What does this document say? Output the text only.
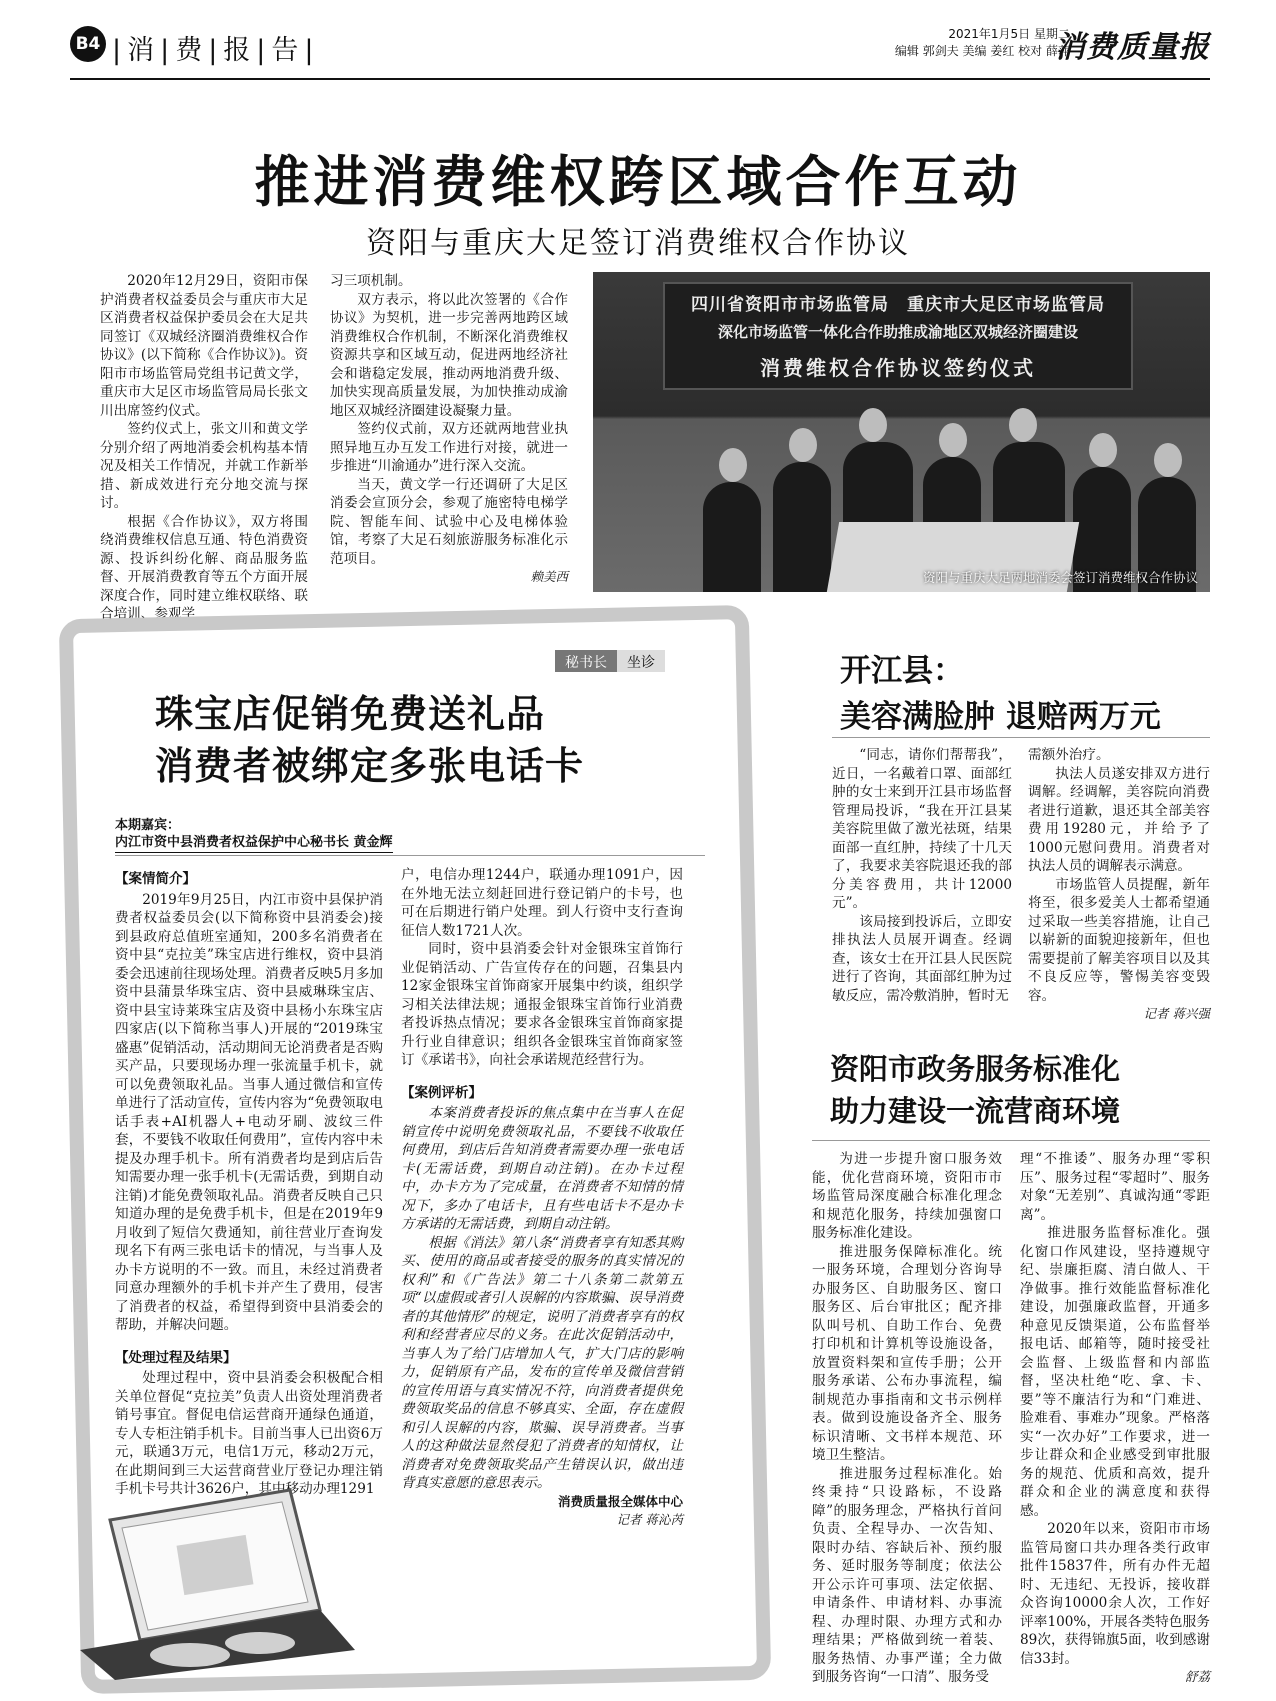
B4 |消|费|报|告|
2021年1月5日 星期二
编辑 郭剑夫 美编 姜红 校对 薛萍
消费质量报
推进消费维权跨区域合作互动
资阳与重庆大足签订消费维权合作协议

2020年12月29日，资阳市保护消费者权益委员会与重庆市大足区消费者权益保护委员会在大足共同签订《双城经济圈消费维权合作协议》(以下简称《合作协议》)。资阳市市场监管局党组书记黄文学，重庆市大足区市场监管局局长张文川出席签约仪式。

签约仪式上，张文川和黄文学分别介绍了两地消委会机构基本情况及相关工作情况，并就工作新举措、新成效进行充分地交流与探讨。

根据《合作协议》，双方将围绕消费维权信息互通、特色消费资源、投诉纠纷化解、商品服务监督、开展消费教育等五个方面开展深度合作，同时建立维权联络、联合培训、参观学

习三项机制。

双方表示，将以此次签署的《合作协议》为契机，进一步完善两地跨区域消费维权合作机制，不断深化消费维权资源共享和区域互动，促进两地经济社会和谐稳定发展，推动两地消费升级、加快实现高质量发展，为加快推动成渝地区双城经济圈建设凝聚力量。

签约仪式前，双方还就两地营业执照异地互办互发工作进行对接，就进一步推进“川渝通办”进行深入交流。

当天，黄文学一行还调研了大足区消委会宣顶分会，参观了施密特电梯学院、智能车间、试验中心及电梯体验馆，考察了大足石刻旅游服务标准化示范项目。

赖美西
四川省资阳市市场监管局　重庆市大足区市场监管局
深化市场监管一体化合作助推成渝地区双城经济圈建设
消费维权合作协议签约仪式
资阳与重庆大足两地消委会签订消费维权合作协议
秘书长	坐诊
珠宝店促销免费送礼品
消费者被绑定多张电话卡
本期嘉宾：
内江市资中县消费者权益保护中心秘书长 黄金辉

【案情简介】

2019年9月25日，内江市资中县保护消费者权益委员会(以下简称资中县消委会)接到县政府总值班室通知，200多名消费者在资中县“克拉美”珠宝店进行维权，资中县消委会迅速前往现场处理。消费者反映5月多加资中县蒲景华珠宝店、资中县威琳珠宝店、资中县宝诗莱珠宝店及资中县杨小东珠宝店四家店(以下简称当事人)开展的“2019珠宝盛惠”促销活动，活动期间无论消费者是否购买产品，只要现场办理一张流量手机卡，就可以免费领取礼品。当事人通过微信和宣传单进行了活动宣传，宣传内容为“免费领取电话手表+AI机器人+电动牙刷、波纹三件套，不要钱不收取任何费用”，宣传内容中未提及办理手机卡。所有消费者均是到店后告知需要办理一张手机卡(无需话费，到期自动注销)才能免费领取礼品。消费者反映自己只知道办理的是免费手机卡，但是在2019年9月收到了短信欠费通知，前往营业厅查询发现名下有两三张电话卡的情况，与当事人及办卡方说明的不一致。而且，未经过消费者同意办理额外的手机卡并产生了费用，侵害了消费者的权益，希望得到资中县消委会的帮助，并解决问题。

【处理过程及结果】

处理过程中，资中县消委会积极配合相关单位督促“克拉美”负责人出资处理消费者销号事宜。督促电信运营商开通绿色通道，专人专柜注销手机卡。目前当事人已出资6万元，联通3万元，电信1万元，移动2万元，在此期间到三大运营商营业厅登记办理注销手机卡号共计3626户，其中移动办理1291

户，电信办理1244户，联通办理1091户，因在外地无法立刻赶回进行登记销户的卡号，也可在后期进行销户处理。到人行资中支行查询征信人数1721人次。

同时，资中县消委会针对金银珠宝首饰行业促销活动、广告宣传存在的问题，召集县内12家金银珠宝首饰商家开展集中约谈，组织学习相关法律法规；通报金银珠宝首饰行业消费者投诉热点情况；要求各金银珠宝首饰商家提升行业自律意识；组织各金银珠宝首饰商家签订《承诺书》，向社会承诺规范经营行为。

【案例评析】

本案消费者投诉的焦点集中在当事人在促销宣传中说明免费领取礼品，不要钱不收取任何费用，到店后告知消费者需要办理一张电话卡(无需话费，到期自动注销)。在办卡过程中，办卡方为了完成量，在消费者不知情的情况下，多办了电话卡，且有些电话卡不是办卡方承诺的无需话费，到期自动注销。

根据《消法》第八条“消费者享有知悉其购买、使用的商品或者接受的服务的真实情况的权利”和《广告法》第二十八条第二款第五项“以虚假或者引人误解的内容欺骗、误导消费者的其他情形”的规定，说明了消费者享有的权利和经营者应尽的义务。在此次促销活动中，当事人为了给门店增加人气，扩大门店的影响力，促销原有产品，发布的宣传单及微信营销的宣传用语与真实情况不符，向消费者提供免费领取奖品的信息不够真实、全面，存在虚假和引人误解的内容，欺骗、误导消费者。当事人的这种做法显然侵犯了消费者的知情权，让消费者对免费领取奖品产生错误认识，做出违背真实意愿的意思表示。

消费质量报全媒体中心
记者 蒋沁芮
开江县：
美容满脸肿 退赔两万元

“同志，请你们帮帮我”，近日，一名戴着口罩、面部红肿的女士来到开江县市场监督管理局投诉，“我在开江县某美容院里做了激光祛斑，结果面部一直红肿，持续了十几天了，我要求美容院退还我的部分美容费用，共计12000元”。

该局接到投诉后，立即安排执法人员展开调查。经调查，该女士在开江县人民医院进行了咨询，其面部红肿为过敏反应，需冷敷消肿，暂时无

需额外治疗。

执法人员遂安排双方进行调解。经调解，美容院向消费者进行道歉，退还其全部美容费用19280元，并给予了1000元慰问费用。消费者对执法人员的调解表示满意。

市场监管人员提醒，新年将至，很多爱美人士都希望通过采取一些美容措施，让自己以崭新的面貌迎接新年，但也需要提前了解美容项目以及其不良反应等，警惕美容变毁容。

记者 蒋兴强
资阳市政务服务标准化
助力建设一流营商环境

为进一步提升窗口服务效能，优化营商环境，资阳市市场监管局深度融合标准化理念和规范化服务，持续加强窗口服务标准化建设。

推进服务保障标准化。统一服务环境，合理划分咨询导办服务区、自助服务区、窗口服务区、后台审批区；配齐排队叫号机、自助工作台、免费打印机和计算机等设施设备，放置资料架和宣传手册；公开服务承诺、公布办事流程，编制规范办事指南和文书示例样表。做到设施设备齐全、服务标识清晰、文书样本规范、环境卫生整洁。

推进服务过程标准化。始终秉持“只设路标，不设路障”的服务理念，严格执行首问负责、全程导办、一次告知、限时办结、容缺后补、预约服务、延时服务等制度；依法公开公示许可事项、法定依据、申请条件、申请材料、办事流程、办理时限、办理方式和办理结果；严格做到统一着装、服务热情、办事严谨；全力做到服务咨询“一口清”、服务受

理“不推诿”、服务办理“零积压”、服务过程“零超时”、服务对象“无差别”、真诚沟通“零距离”。

推进服务监督标准化。强化窗口作风建设，坚持遵规守纪、崇廉拒腐、清白做人、干净做事。推行效能监督标准化建设，加强廉政监督，开通多种意见反馈渠道，公布监督举报电话、邮箱等，随时接受社会监督、上级监督和内部监督，坚决杜绝“吃、拿、卡、要”等不廉洁行为和“门难进、脸难看、事难办”现象。严格落实“一次办好”工作要求，进一步让群众和企业感受到审批服务的规范、优质和高效，提升群众和企业的满意度和获得感。

2020年以来，资阳市市场监管局窗口共办理各类行政审批件15837件，所有办件无超时、无违纪、无投诉，接收群众咨询10000余人次，工作好评率100%，开展各类特色服务89次，获得锦旗5面，收到感谢信33封。

舒荔
